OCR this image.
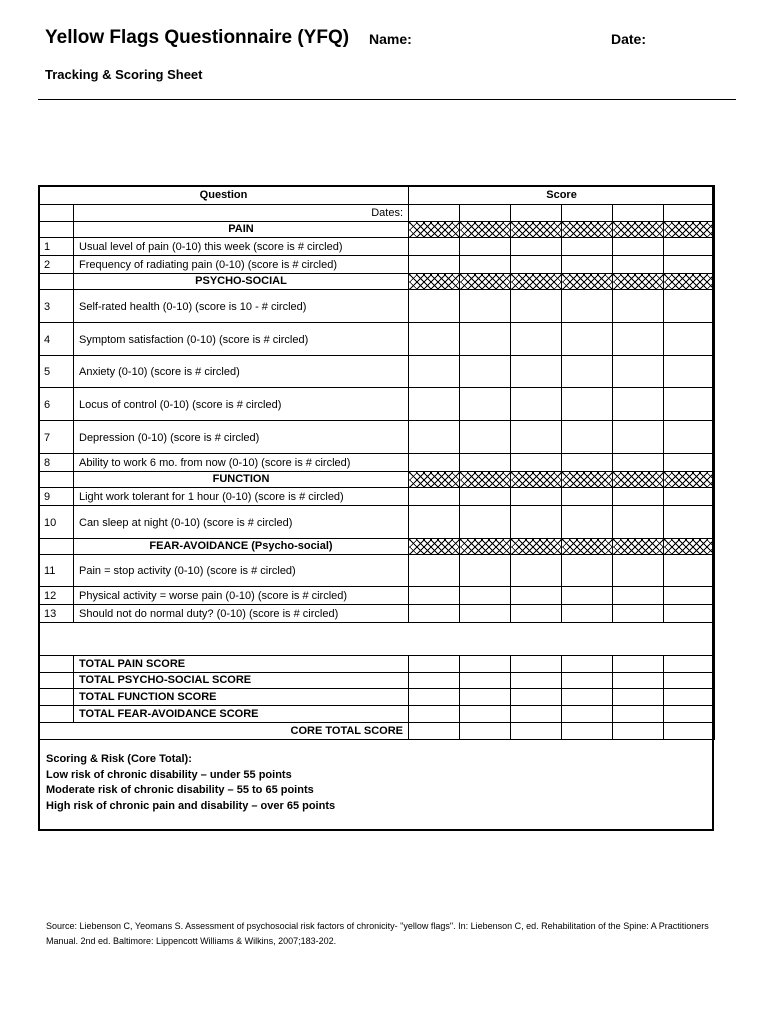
Yellow Flags Questionnaire (YFQ) Name:	Date:
Tracking & Scoring Sheet
Question		Score					
	Dates:						
	PAIN						
1	Usual level of pain (0-10) this week (score is # circled)						
2	Frequency of radiating pain (0-10) (score is # circled)						
	PSYCHO-SOCIAL						
3	Self-rated health (0-10) (score is 10 - # circled)						
4	Symptom satisfaction (0-10) (score is # circled)						
5	Anxiety (0-10) (score is # circled)						
6	Locus of control (0-10) (score is # circled)						
7	Depression (0-10) (score is # circled)						
8	Ability to work 6 mo. from now (0-10) (score is # circled)						
	FUNCTION						
9	Light work tolerant for 1 hour (0-10) (score is # circled)						
10	Can sleep at night (0-10) (score is # circled)						
	FEAR-AVOIDANCE (Psycho-social)						
11	Pain = stop activity (0-10) (score is # circled)						
12	Physical activity = worse pain (0-10) (score is # circled)						
13	Should not do normal duty? (0-10) (score is # circled)						

	TOTAL PAIN SCORE						
	TOTAL PSYCHO-SOCIAL SCORE						
	TOTAL FUNCTION SCORE						
	TOTAL FEAR-AVOIDANCE SCORE						
CORE TOTAL SCORE							
Scoring & Risk (Core Total):
Low risk of chronic disability – under 55 points
Moderate risk of chronic disability – 55 to 65 points
High risk of chronic pain and disability – over 65 points
Source: Liebenson C, Yeomans S. Assessment of psychosocial risk factors of chronicity- "yellow flags". In: Liebenson C, ed. Rehabilitation of the Spine: A Practitioners Manual. 2nd ed. Baltimore: Lippencott Williams & Wilkins, 2007;183-202.
